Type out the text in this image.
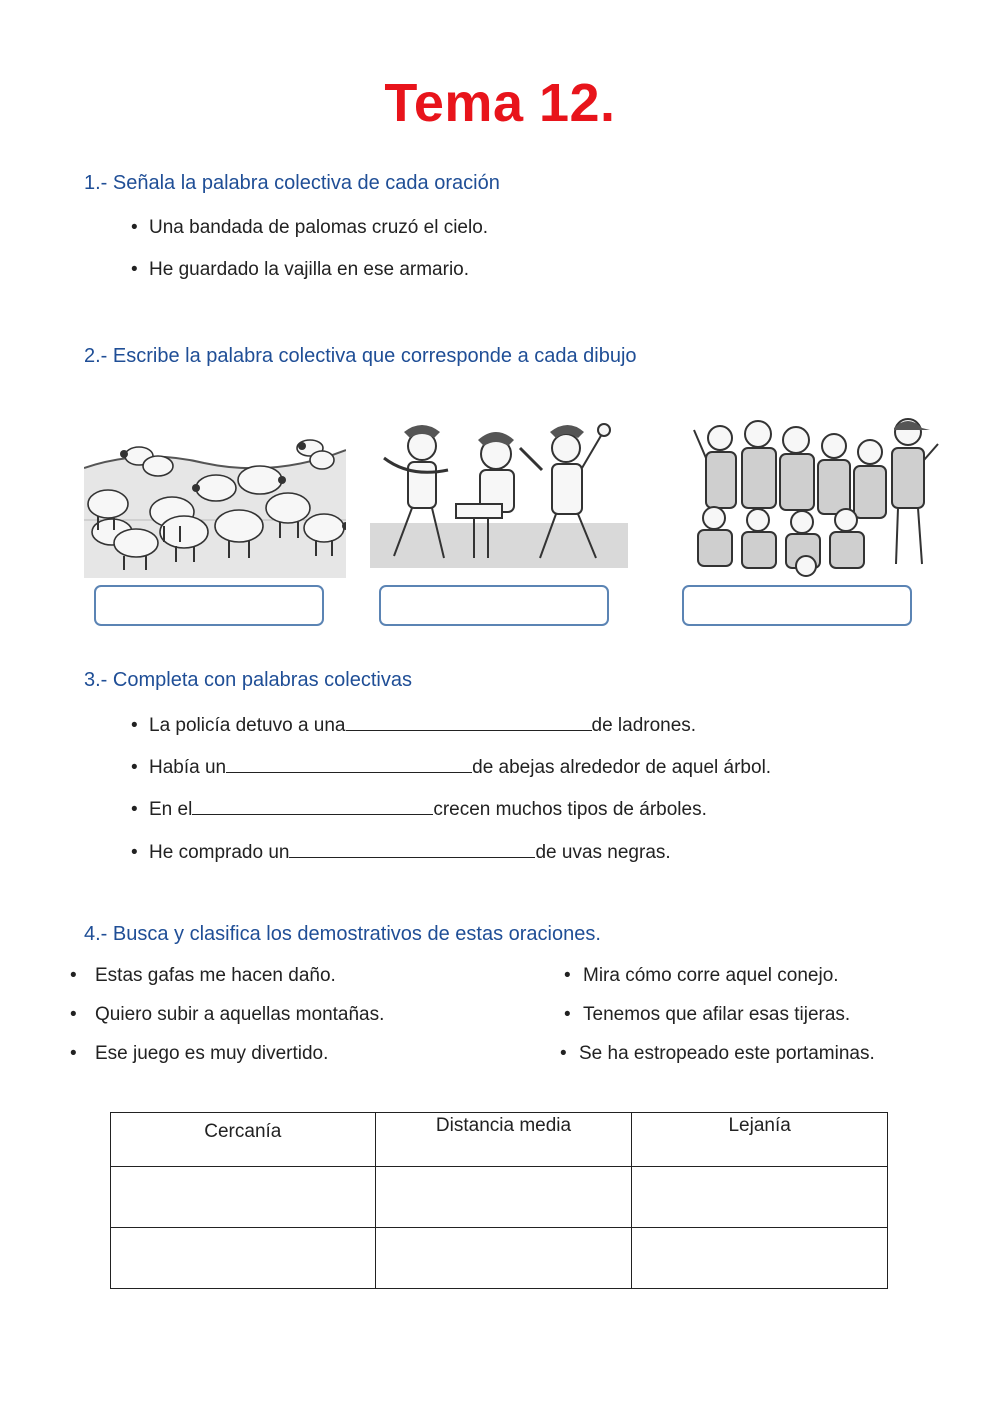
Tema 12.
1.- Señala la palabra colectiva de cada oración
• Una bandada de palomas cruzó el cielo.
• He guardado la vajilla en ese armario.
2.- Escribe la palabra colectiva que corresponde a cada dibujo
3.- Completa con palabras colectivas
• La policía detuvo a una	de ladrones.
• Había un	de abejas alrededor de aquel árbol.
• En el	crecen muchos tipos de árboles.
• He comprado un	de uvas negras.
4.- Busca y clasifica los demostrativos de estas oraciones.
• Estas gafas me hacen daño.
• Quiero subir a aquellas montañas.
• Ese juego es muy divertido.
• Mira cómo corre aquel conejo.
• Tenemos que afilar esas tijeras.
• Se ha estropeado este portaminas.
Cercanía	Distancia media	Lejanía
